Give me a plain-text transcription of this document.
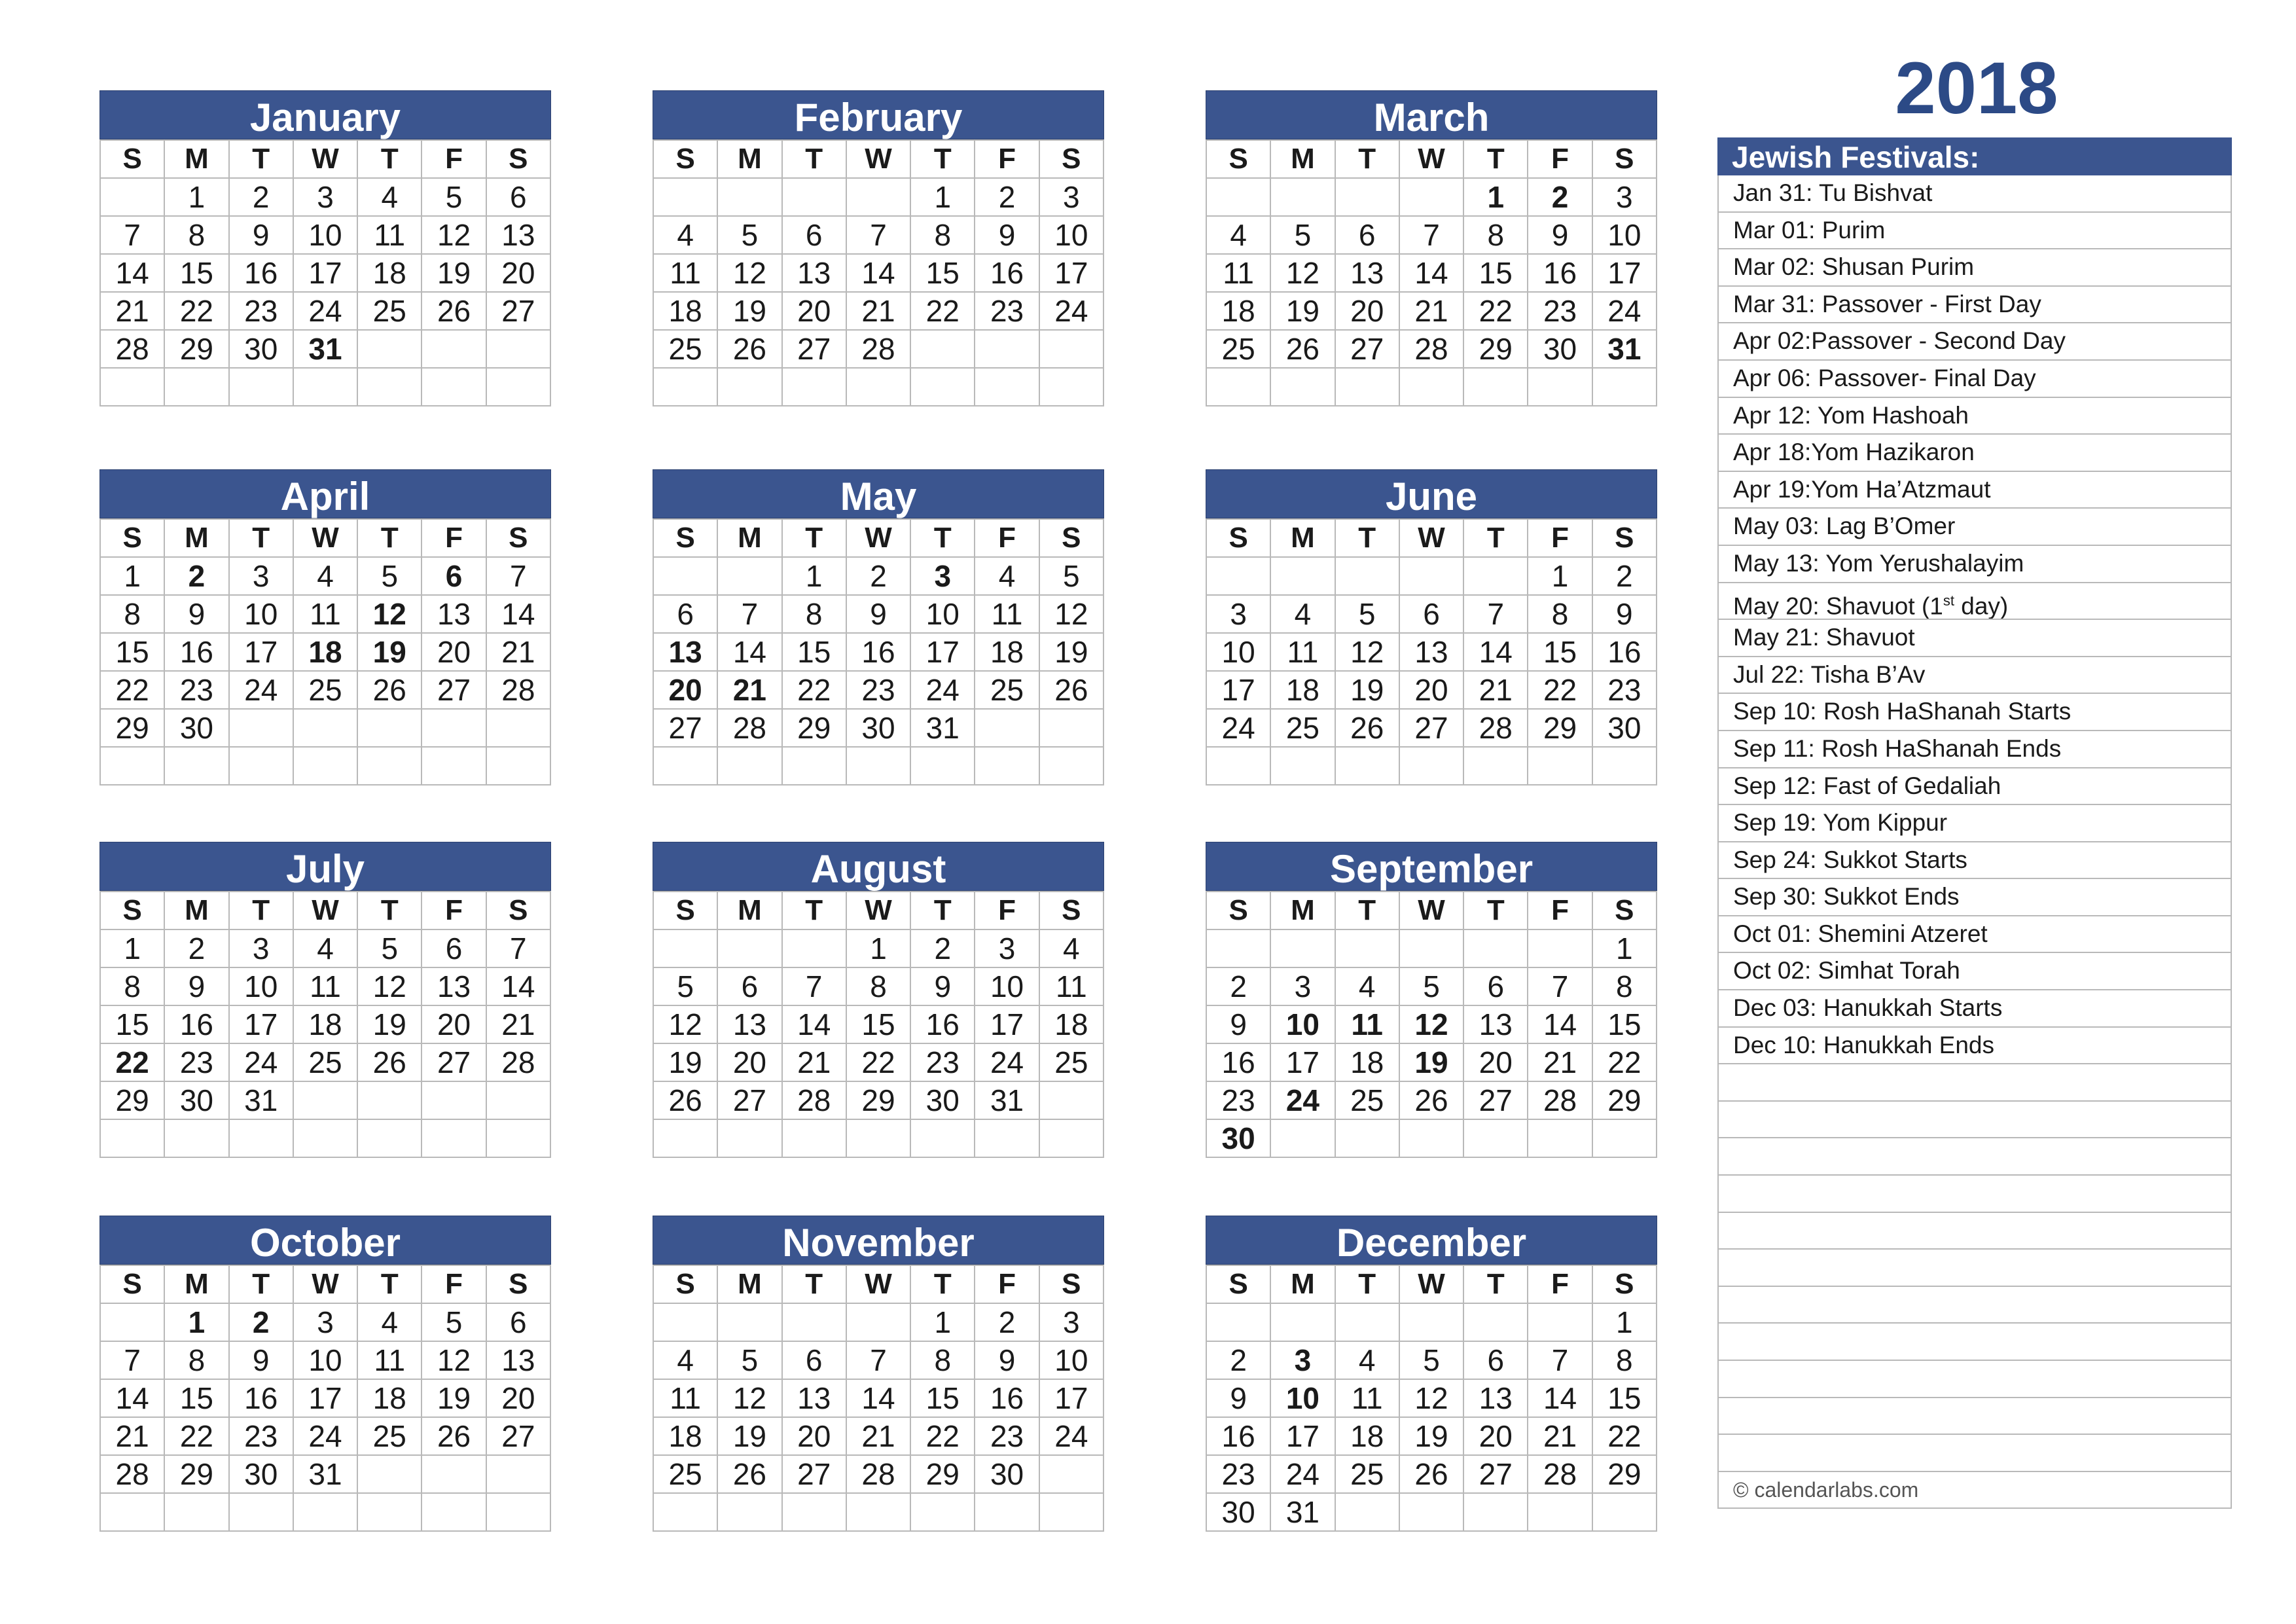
2018
January
S	M	T	W	T	F	S
	1	2	3	4	5	6
7	8	9	10	11	12	13
14	15	16	17	18	19	20
21	22	23	24	25	26	27
28	29	30	31			

February
S	M	T	W	T	F	S
				1	2	3
4	5	6	7	8	9	10
11	12	13	14	15	16	17
18	19	20	21	22	23	24
25	26	27	28			

March
S	M	T	W	T	F	S
				1	2	3
4	5	6	7	8	9	10
11	12	13	14	15	16	17
18	19	20	21	22	23	24
25	26	27	28	29	30	31

April
S	M	T	W	T	F	S
1	2	3	4	5	6	7
8	9	10	11	12	13	14
15	16	17	18	19	20	21
22	23	24	25	26	27	28
29	30					

May
S	M	T	W	T	F	S
		1	2	3	4	5
6	7	8	9	10	11	12
13	14	15	16	17	18	19
20	21	22	23	24	25	26
27	28	29	30	31		

June
S	M	T	W	T	F	S
					1	2
3	4	5	6	7	8	9
10	11	12	13	14	15	16
17	18	19	20	21	22	23
24	25	26	27	28	29	30

July
S	M	T	W	T	F	S
1	2	3	4	5	6	7
8	9	10	11	12	13	14
15	16	17	18	19	20	21
22	23	24	25	26	27	28
29	30	31				

August
S	M	T	W	T	F	S
			1	2	3	4
5	6	7	8	9	10	11
12	13	14	15	16	17	18
19	20	21	22	23	24	25
26	27	28	29	30	31	

September
S	M	T	W	T	F	S
						1
2	3	4	5	6	7	8
9	10	11	12	13	14	15
16	17	18	19	20	21	22
23	24	25	26	27	28	29
30						
October
S	M	T	W	T	F	S
	1	2	3	4	5	6
7	8	9	10	11	12	13
14	15	16	17	18	19	20
21	22	23	24	25	26	27
28	29	30	31			

November
S	M	T	W	T	F	S
				1	2	3
4	5	6	7	8	9	10
11	12	13	14	15	16	17
18	19	20	21	22	23	24
25	26	27	28	29	30	

December
S	M	T	W	T	F	S
						1
2	3	4	5	6	7	8
9	10	11	12	13	14	15
16	17	18	19	20	21	22
23	24	25	26	27	28	29
30	31					
Jewish Festivals:
Jan 31: Tu Bishvat
Mar 01: Purim
Mar 02: Shusan Purim
Mar 31: Passover - First Day
Apr 02:Passover - Second Day
Apr 06: Passover- Final Day
Apr 12: Yom Hashoah
Apr 18:Yom Hazikaron
Apr 19:Yom Ha’Atzmaut
May 03: Lag B’Omer
May 13: Yom Yerushalayim
May 20: Shavuot (1st day)
May 21: Shavuot
Jul 22: Tisha B’Av
Sep 10: Rosh HaShanah Starts
Sep 11: Rosh HaShanah Ends
Sep 12: Fast of Gedaliah
Sep 19: Yom Kippur
Sep 24: Sukkot Starts
Sep 30: Sukkot Ends
Oct 01: Shemini Atzeret
Oct 02: Simhat Torah
Dec 03: Hanukkah Starts
Dec 10: Hanukkah Ends
© calendarlabs.com
